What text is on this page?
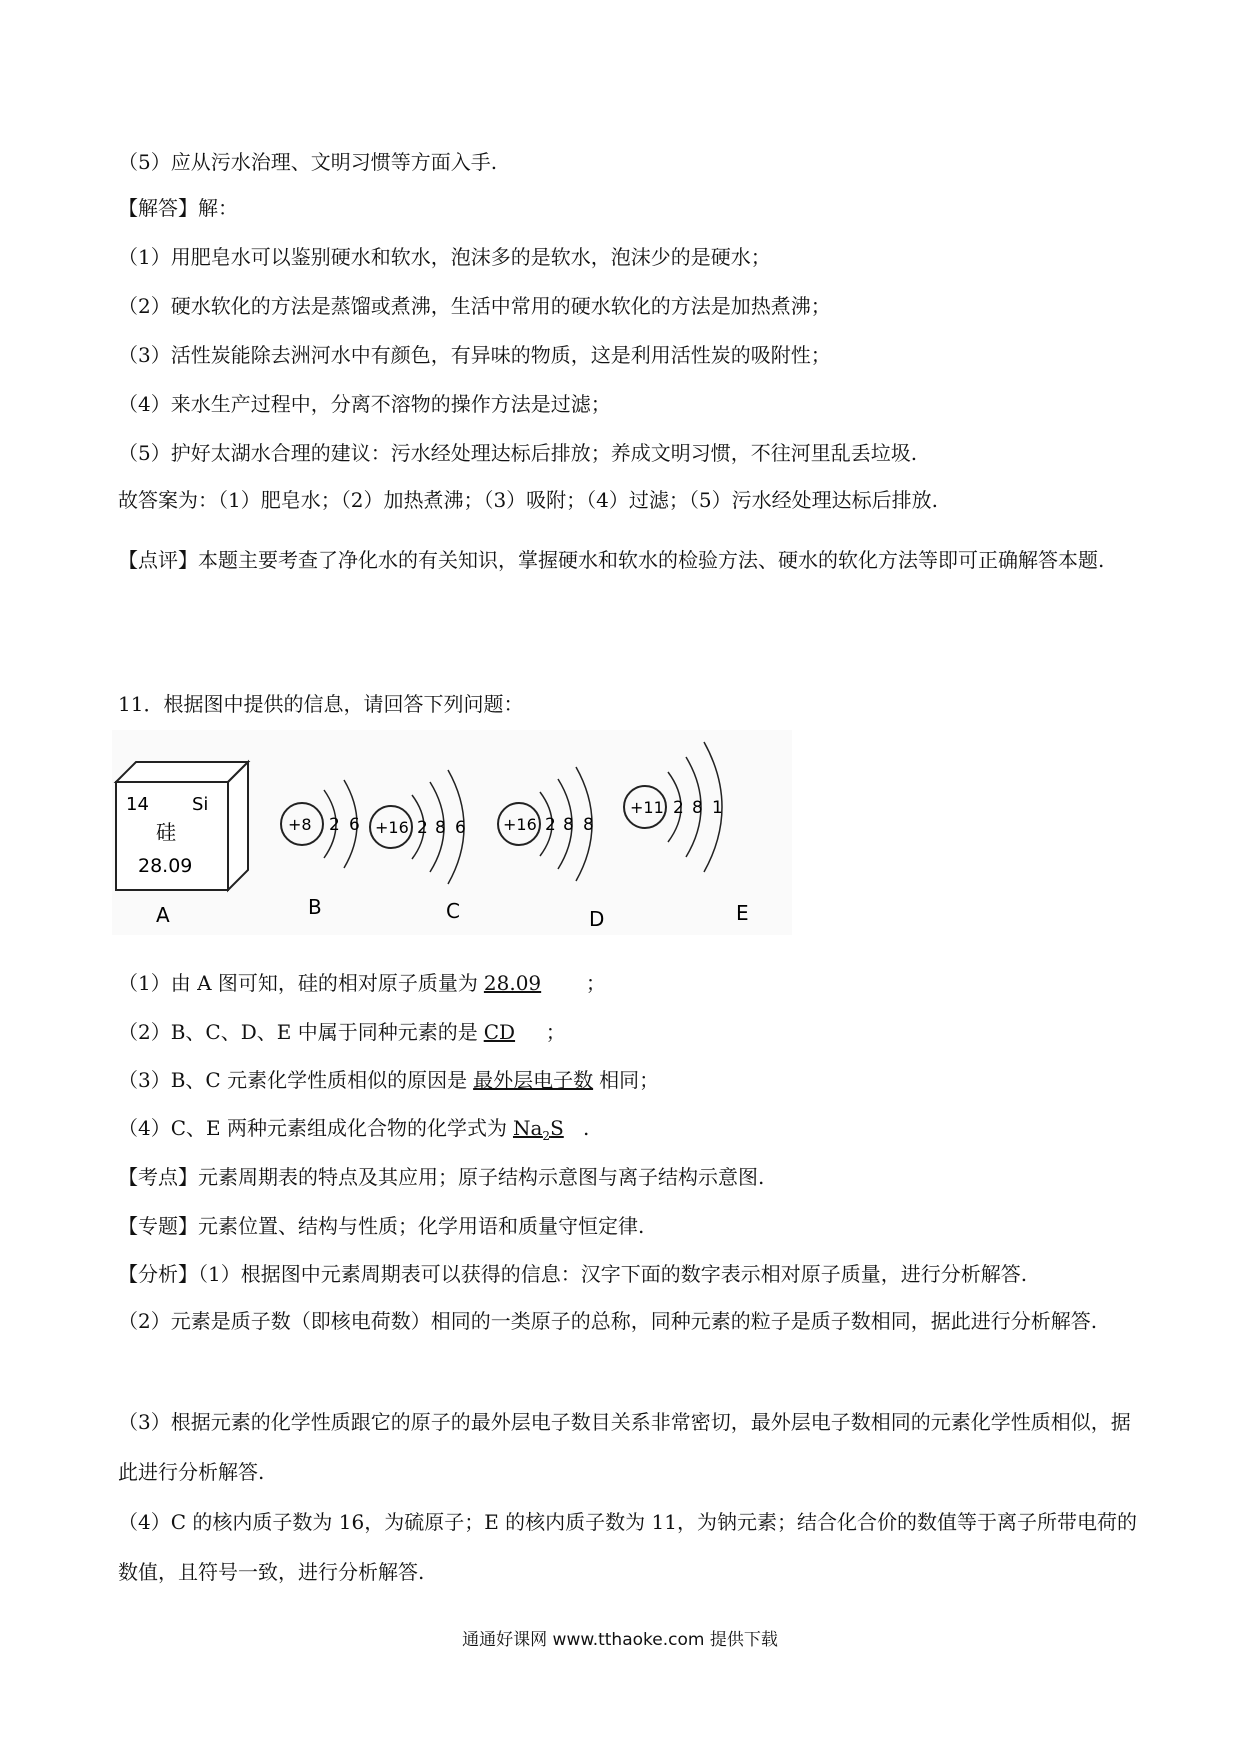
（5）应从污水治理、文明习惯等方面入手.
【解答】解：
（1）用肥皂水可以鉴别硬水和软水，泡沫多的是软水，泡沫少的是硬水；
（2）硬水软化的方法是蒸馏或煮沸，生活中常用的硬水软化的方法是加热煮沸；
（3）活性炭能除去洲河水中有颜色，有异味的物质，这是利用活性炭的吸附性；
（4）来水生产过程中，分离不溶物的操作方法是过滤；
（5）护好太湖水合理的建议：污水经处理达标后排放；养成文明习惯，不往河里乱丢垃圾.
故答案为：（1）肥皂水；（2）加热煮沸；（3）吸附；（4）过滤；（5）污水经处理达标后排放.
【点评】本题主要考查了净化水的有关知识，掌握硬水和软水的检验方法、硬水的软化方法等即可正确解答本题.
11．根据图中提供的信息，请回答下列问题：
14 Si
硅
28.09
+8 2 6 +16 2 8 6 +16 2 8 8
+11 2 8 1
A	B	C	D	E
（1）由 A 图可知，硅的相对原子质量为 28.09 ；
（2）B、C、D、E 中属于同种元素的是 CD ；
（3）B、C 元素化学性质相似的原因是 最外层电子数 相同；
（4）C、E 两种元素组成化合物的化学式为 $Na_2S$ .
【考点】元素周期表的特点及其应用；原子结构示意图与离子结构示意图.
【专题】元素位置、结构与性质；化学用语和质量守恒定律.
【分析】（1）根据图中元素周期表可以获得的信息：汉字下面的数字表示相对原子质量，进行分析解答.
（2）元素是质子数（即核电荷数）相同的一类原子的总称，同种元素的粒子是质子数相同，据此进行分析解答.
（3）根据元素的化学性质跟它的原子的最外层电子数目关系非常密切，最外层电子数相同的元素化学性质相似，据此进行分析解答.
（4）C 的核内质子数为 16，为硫原子；E 的核内质子数为 11，为钠元素；结合化合价的数值等于离子所带电荷的数值，且符号一致，进行分析解答.
通通好课网 www.tthaoke.com 提供下载
